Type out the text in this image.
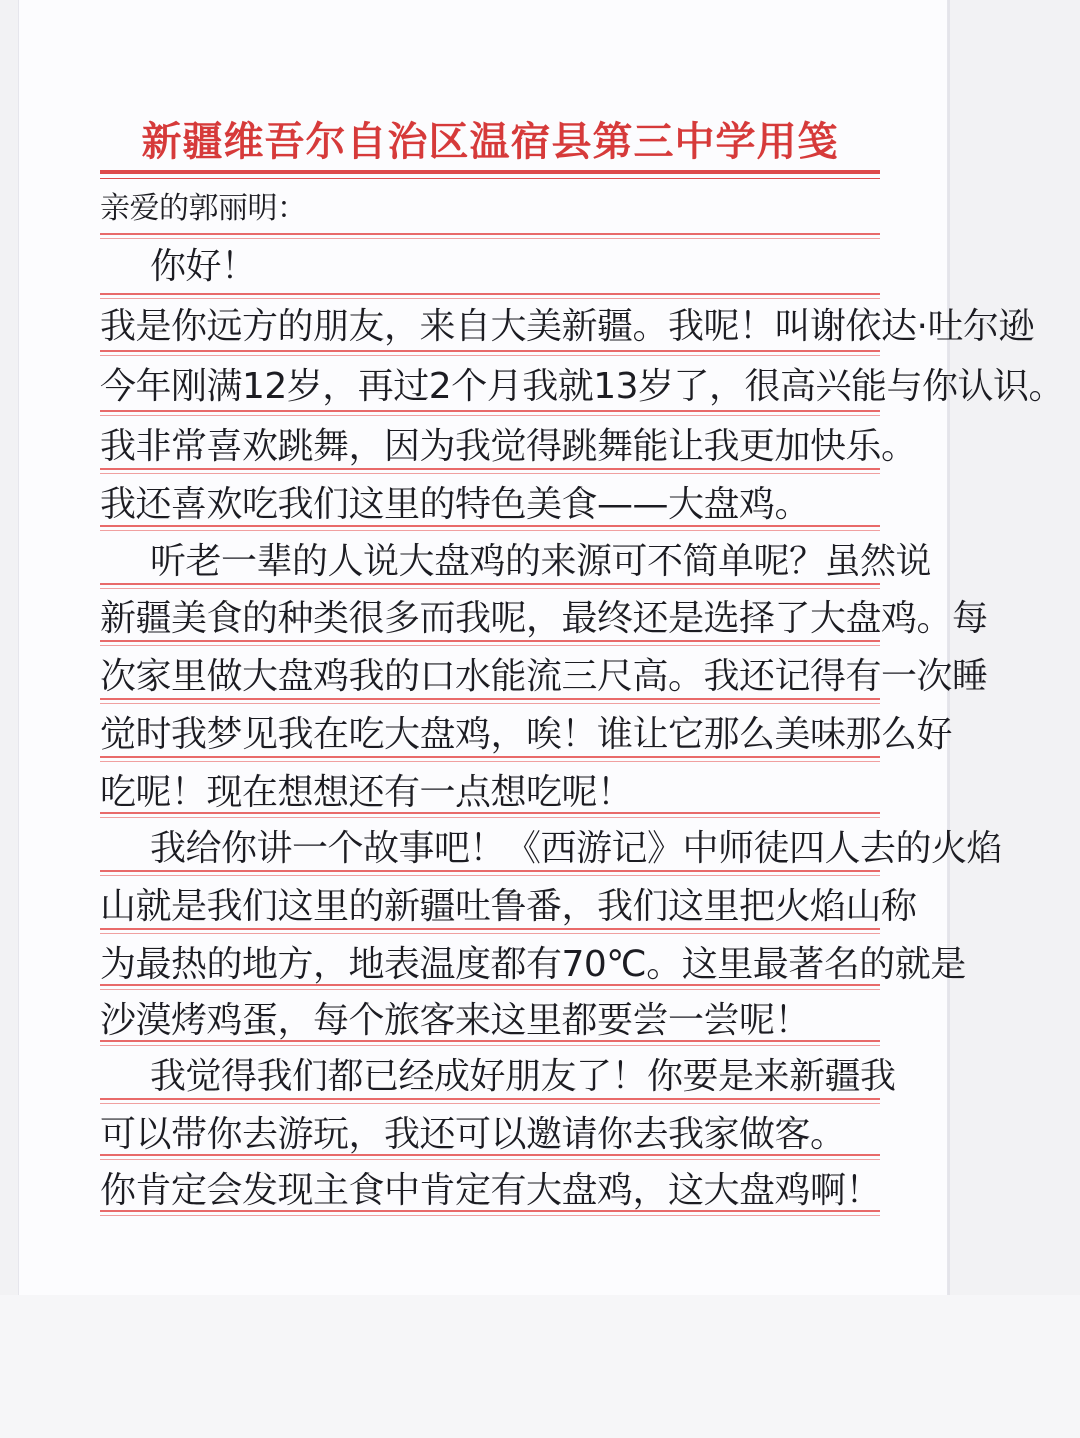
新疆维吾尔自治区温宿县第三中学用笺
亲爱的郭丽明：
你好！
我是你远方的朋友，来自大美新疆。我呢！叫谢依达·吐尔逊
今年刚满12岁，再过2个月我就13岁了，很高兴能与你认识。
我非常喜欢跳舞，因为我觉得跳舞能让我更加快乐。
我还喜欢吃我们这里的特色美食——大盘鸡。
听老一辈的人说大盘鸡的来源可不简单呢？虽然说
新疆美食的种类很多而我呢，最终还是选择了大盘鸡。每
次家里做大盘鸡我的口水能流三尺高。我还记得有一次睡
觉时我梦见我在吃大盘鸡，唉！谁让它那么美味那么好
吃呢！现在想想还有一点想吃呢！
我给你讲一个故事吧！《西游记》中师徒四人去的火焰
山就是我们这里的新疆吐鲁番，我们这里把火焰山称
为最热的地方，地表温度都有70℃。这里最著名的就是
沙漠烤鸡蛋，每个旅客来这里都要尝一尝呢！
我觉得我们都已经成好朋友了！你要是来新疆我
可以带你去游玩，我还可以邀请你去我家做客。
你肯定会发现主食中肯定有大盘鸡，这大盘鸡啊！
